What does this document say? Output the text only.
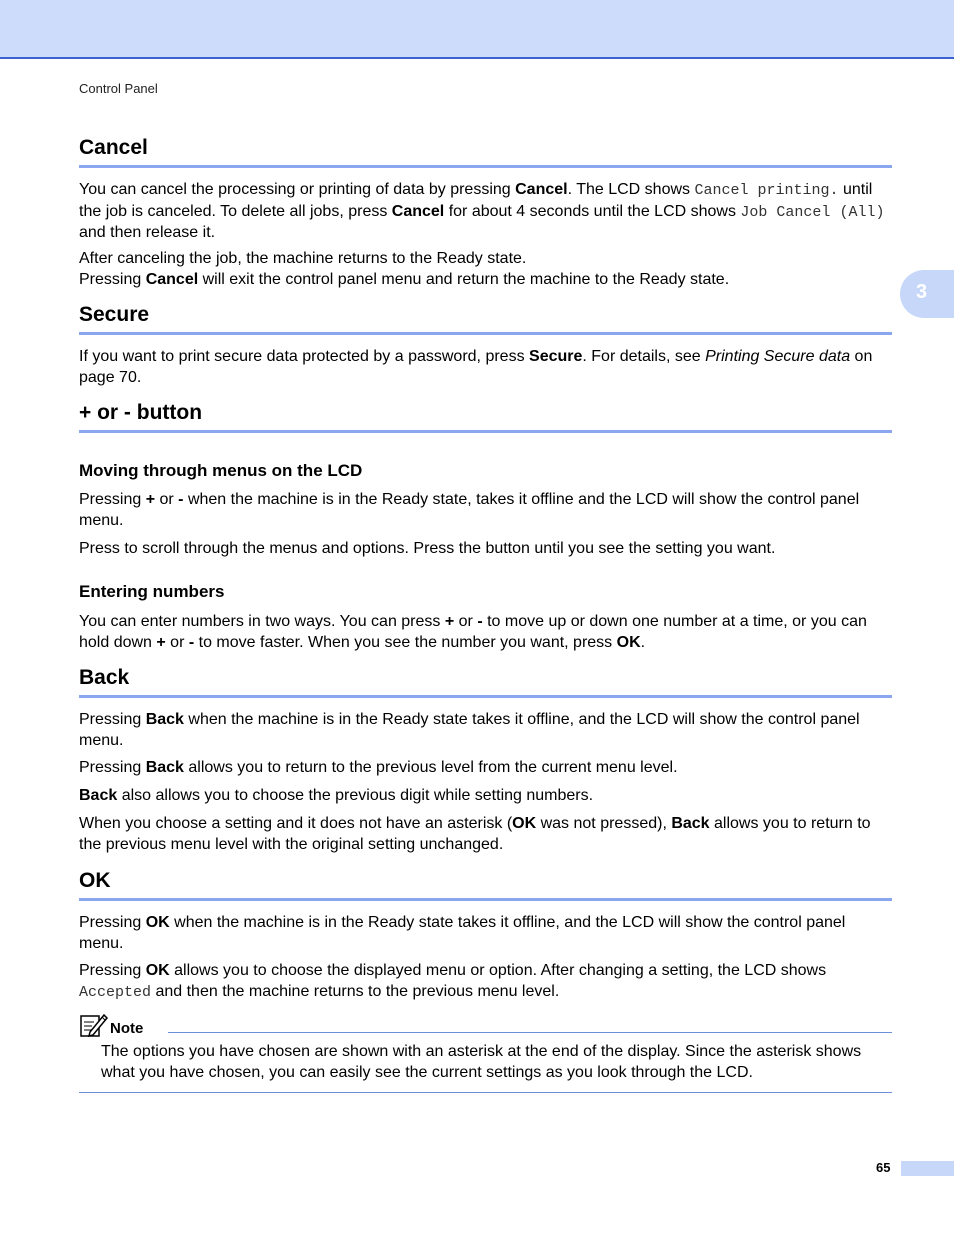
Control Panel
3
Cancel

You can cancel the processing or printing of data by pressing Cancel. The LCD shows Cancel printing. until the job is canceled. To delete all jobs, press Cancel for about 4 seconds until the LCD shows Job Cancel (All) and then release it.

After canceling the job, the machine returns to the Ready state.
Pressing Cancel will exit the control panel menu and return the machine to the Ready state.

Secure

If you want to print secure data protected by a password, press Secure. For details, see Printing Secure data on page 70.

+ or - button
Moving through menus on the LCD

Pressing + or - when the machine is in the Ready state, takes it offline and the LCD will show the control panel menu.

Press to scroll through the menus and options. Press the button until you see the setting you want.

Entering numbers

You can enter numbers in two ways. You can press + or - to move up or down one number at a time, or you can hold down + or - to move faster. When you see the number you want, press OK.

Back

Pressing Back when the machine is in the Ready state takes it offline, and the LCD will show the control panel menu.

Pressing Back allows you to return to the previous level from the current menu level.

Back also allows you to choose the previous digit while setting numbers.

When you choose a setting and it does not have an asterisk (OK was not pressed), Back allows you to return to the previous menu level with the original setting unchanged.

OK

Pressing OK when the machine is in the Ready state takes it offline, and the LCD will show the control panel menu.

Pressing OK allows you to choose the displayed menu or option. After changing a setting, the LCD shows Accepted and then the machine returns to the previous menu level.

Note

The options you have chosen are shown with an asterisk at the end of the display. Since the asterisk shows what you have chosen, you can easily see the current settings as you look through the LCD.

65
